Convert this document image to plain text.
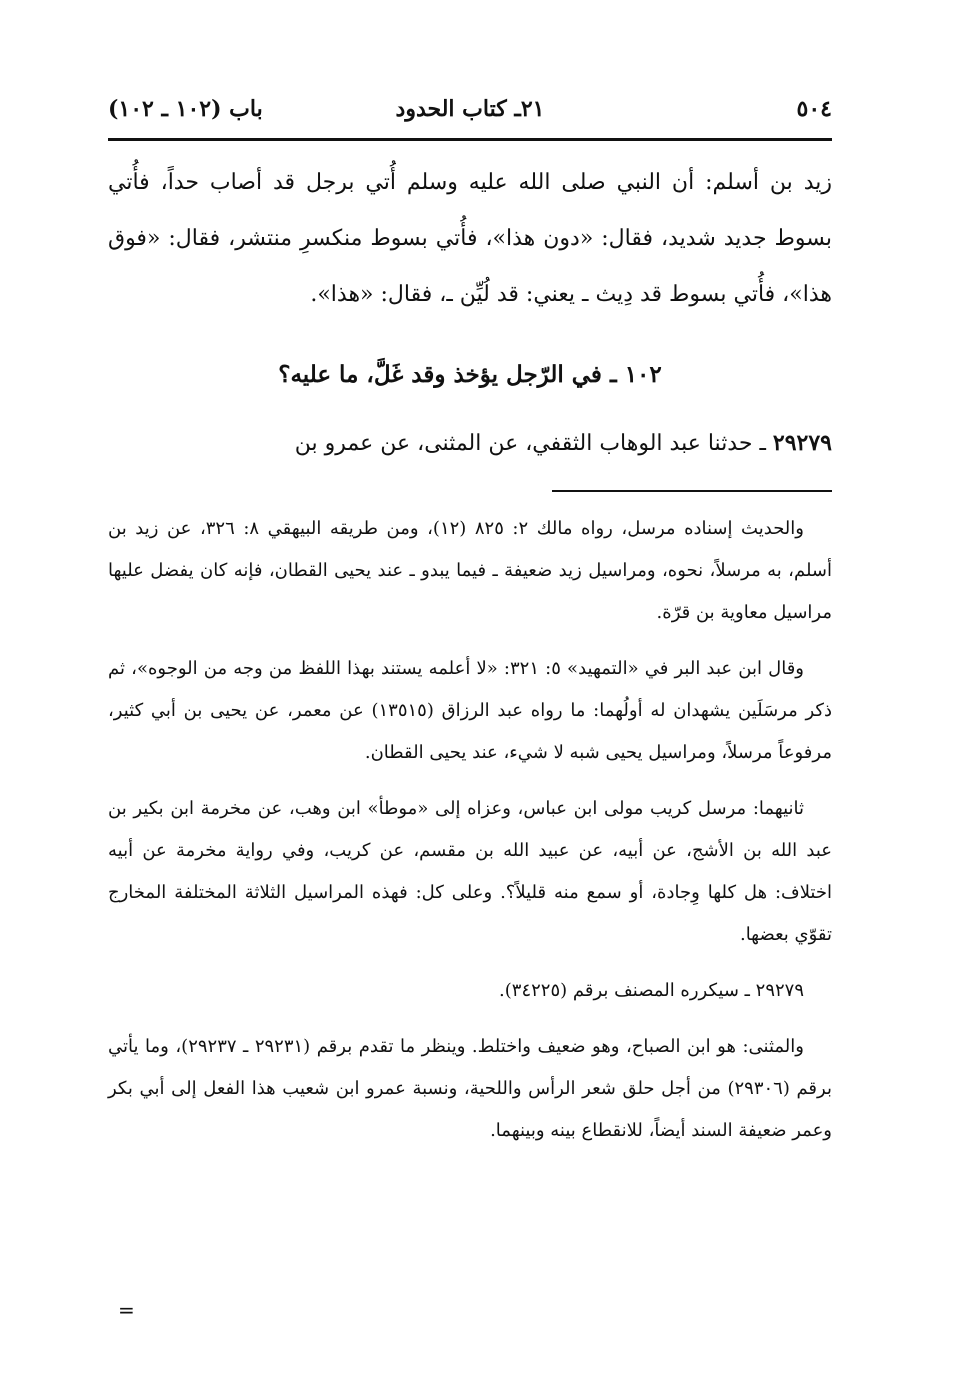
٥٠٤
٢١ـ كتاب الحدود
باب (١٠٢ ـ ١٠٢)

زيد بن أسلم: أن النبي صلى الله عليه وسلم أُتي برجل قد أصاب حداً، فأُتي بسوط جديد شديد، فقال: «دون هذا»، فأُتي بسوط منكسرِ منتشر، فقال: «فوق هذا»، فأُتي بسوط قد دِيث ـ يعني: قد لُيِّن ـ، فقال: «هذا».

١٠٢ ـ في الرّجل يؤخذ وقد غَلَّ، ما عليه؟

٢٩٢٧٩ ـ حدثنا عبد الوهاب الثقفي، عن المثنى، عن عمرو بن

والحديث إسناده مرسل، رواه مالك ٢: ٨٢٥ (١٢)، ومن طريقه البيهقي ٨: ٣٢٦، عن زيد بن أسلم، به مرسلاً، نحوه، ومراسيل زيد ضعيفة ـ فيما يبدو ـ عند يحيى القطان، فإنه كان يفضل عليها مراسيل معاوية بن قرّة.

وقال ابن عبد البر في «التمهيد» ٥: ٣٢١: «لا أعلمه يستند بهذا اللفظ من وجه من الوجوه»، ثم ذكر مرسَلَين يشهدان له أولُهما: ما رواه عبد الرزاق (١٣٥١٥) عن معمر، عن يحيى بن أبي كثير، مرفوعاً مرسلاً، ومراسيل يحيى شبه لا شيء، عند يحيى القطان.

ثانيهما: مرسل كريب مولى ابن عباس، وعزاه إلى «موطأ» ابن وهب، عن مخرمة ابن بكير بن عبد الله بن الأشج، عن أبيه، عن عبيد الله بن مقسم، عن كريب، وفي رواية مخرمة عن أبيه اختلاف: هل كلها وِجادة، أو سمع منه قليلاً؟. وعلى كل: فهذه المراسيل الثلاثة المختلفة المخارج تقوّي بعضها.

٢٩٢٧٩ ـ سيكرره المصنف برقم (٣٤٢٢٥).

والمثنى: هو ابن الصباح، وهو ضعيف واختلط. وينظر ما تقدم برقم (٢٩٢٣١ ـ ٢٩٢٣٧)، وما يأتي برقم (٢٩٣٠٦) من أجل حلق شعر الرأس واللحية، ونسبة عمرو ابن شعيب هذا الفعل إلى أبي بكر وعمر ضعيفة السند أيضاً، للانقطاع بينه وبينهما.

=
